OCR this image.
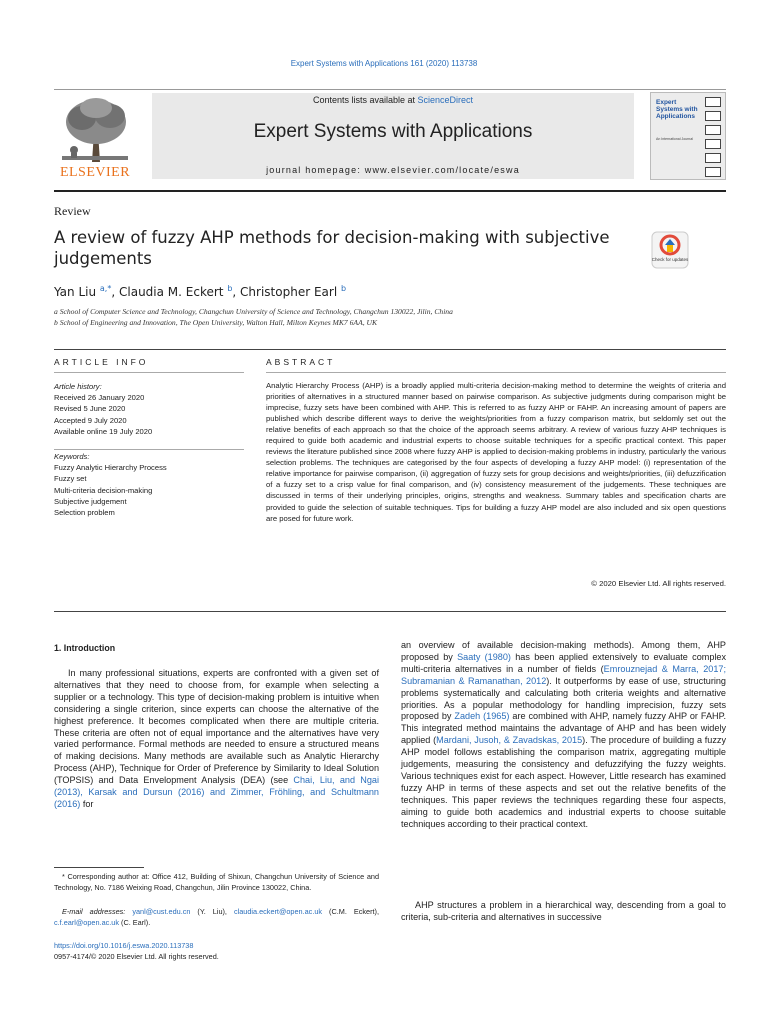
Expert Systems with Applications 161 (2020) 113738
ELSEVIER
Contents lists available at ScienceDirect
Expert Systems with Applications
journal homepage: www.elsevier.com/locate/eswa
Expert Systems with Applications
An International Journal
Review
A review of fuzzy AHP methods for decision-making with subjective judgements	Check for updates
Yan Liu $^{a,*}$, Claudia M. Eckert $^b$, Christopher Earl $^b$
a School of Computer Science and Technology, Changchun University of Science and Technology, Changchun 130022, Jilin, China
b School of Engineering and Innovation, The Open University, Walton Hall, Milton Keynes MK7 6AA, UK
ARTICLE INFO	ABSTRACT
Article history:
Received 26 January 2020
Revised 5 June 2020
Accepted 9 July 2020
Available online 19 July 2020
Keywords:
Fuzzy Analytic Hierarchy Process
Fuzzy set
Multi-criteria decision-making
Subjective judgement
Selection problem
Analytic Hierarchy Process (AHP) is a broadly applied multi-criteria decision-making method to determine the weights of criteria and priorities of alternatives in a structured manner based on pairwise comparison. As subjective judgments during comparison might be imprecise, fuzzy sets have been combined with AHP. This is referred to as fuzzy AHP or FAHP. An increasing amount of papers are published which describe different ways to derive the weights/priorities from a fuzzy comparison matrix, but seldomly set out the relative benefits of each approach so that the choice of the approach seems arbitrary. A review of various fuzzy AHP techniques is required to guide both academic and industrial experts to choose suitable techniques for a specific practical context. This paper reviews the literature published since 2008 where fuzzy AHP is applied to decision-making problems in industry, particularly the various selection problems. The techniques are categorised by the four aspects of developing a fuzzy AHP model: (i) representation of the relative importance for pairwise comparison, (ii) aggregation of fuzzy sets for group decisions and weights/priorities, (iii) defuzzification of a fuzzy set to a crisp value for final comparison, and (iv) consistency measurement of the judgements. These techniques are discussed in terms of their underlying principles, origins, strengths and weakness. Summary tables and specification charts are provided to guide the selection of suitable techniques. Tips for building a fuzzy AHP model are also included and six open questions are posed for future work.
© 2020 Elsevier Ltd. All rights reserved.
1. Introduction
In many professional situations, experts are confronted with a given set of alternatives that they need to choose from, for example when selecting a supplier or a technology. This type of decision-making problem is intuitive when considering a single criterion, since experts can choose the alternative of the highest preference. It becomes complicated when there are multiple criteria. These criteria are often not of equal importance and the alternatives have very varied performance. Formal methods are needed to ensure a structured means of making decisions. Many methods are available such as Analytic Hierarchy Process (AHP), Technique for Order of Preference by Similarity to Ideal Solution (TOPSIS) and Data Envelopment Analysis (DEA) (see Chai, Liu, and Ngai (2013), Karsak and Dursun (2016) and Zimmer, Fröhling, and Schultmann (2016) for
an overview of available decision-making methods). Among them, AHP proposed by Saaty (1980) has been applied extensively to evaluate complex multi-criteria alternatives in a number of fields (Emrouznejad & Marra, 2017; Subramanian & Ramanathan, 2012). It outperforms by ease of use, structuring problems systematically and calculating both criteria weights and alternative priorities. As a popular methodology for handling imprecision, fuzzy sets proposed by Zadeh (1965) are combined with AHP, namely fuzzy AHP or FAHP. This integrated method maintains the advantage of AHP and has been widely applied (Mardani, Jusoh, & Zavadskas, 2015). The procedure of building a fuzzy AHP model follows establishing the comparison matrix, aggregating multiple judgements, measuring the consistency and defuzzifying the fuzzy weights. Various techniques exist for each aspect. However, Little research has examined fuzzy AHP in terms of these aspects and set out the relative benefits of the techniques. This paper reviews the techniques regarding these four aspects, aiming to guide both academics and industrial experts to choose suitable techniques according to their practical context.
AHP structures a problem in a hierarchical way, descending from a goal to criteria, sub-criteria and alternatives in successive
* Corresponding author at: Office 412, Building of Shixun, Changchun University of Science and Technology, No. 7186 Weixing Road, Changchun, Jilin Province 130022, China.
E-mail addresses: yanl@cust.edu.cn (Y. Liu), claudia.eckert@open.ac.uk (C.M. Eckert), c.f.earl@open.ac.uk (C. Earl).
https://doi.org/10.1016/j.eswa.2020.113738
0957-4174/© 2020 Elsevier Ltd. All rights reserved.
